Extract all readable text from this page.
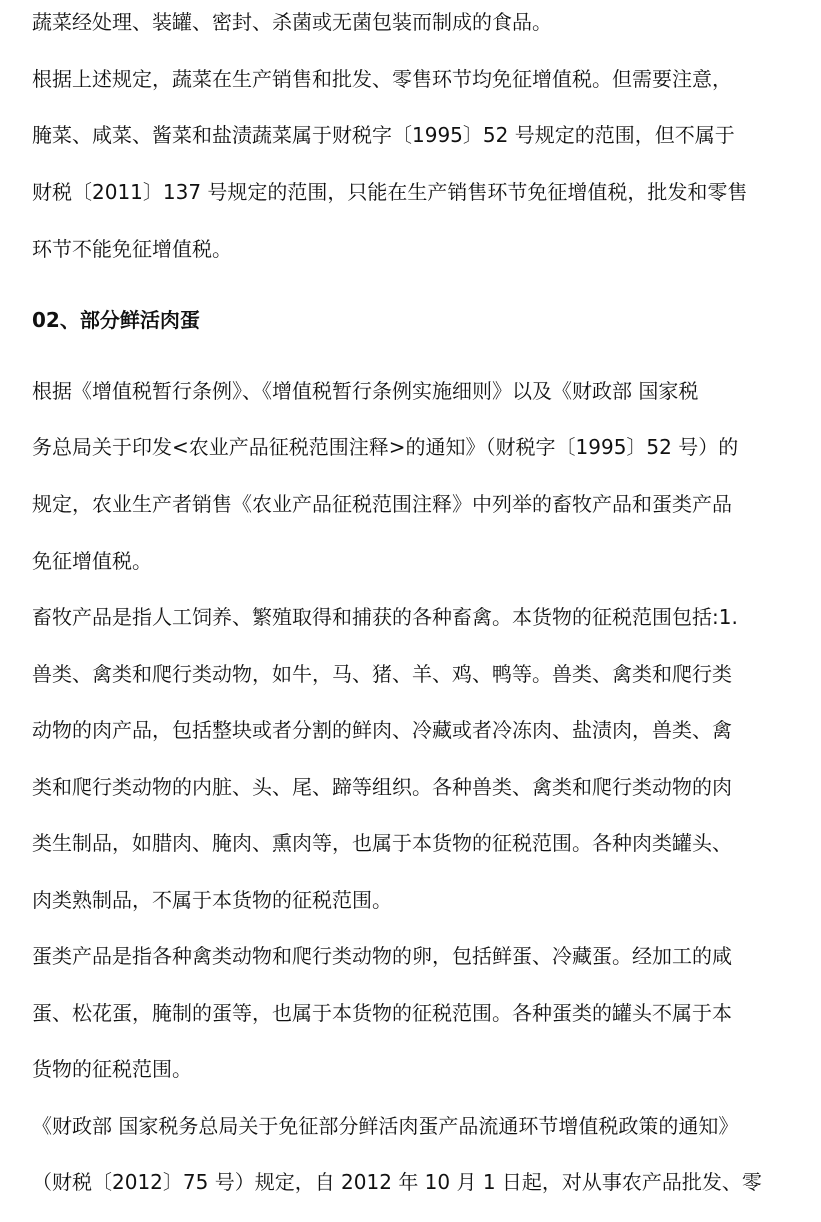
蔬菜经处理、装罐、密封、杀菌或无菌包装而制成的食品。
根据上述规定，蔬菜在生产销售和批发、零售环节均免征增值税。但需要注意，
腌菜、咸菜、酱菜和盐渍蔬菜属于财税字〔1995〕52 号规定的范围，但不属于
财税〔2011〕137 号规定的范围，只能在生产销售环节免征增值税，批发和零售
环节不能免征增值税。
02、部分鲜活肉蛋
根据《增值税暂行条例》、《增值税暂行条例实施细则》以及《财政部 国家税
务总局关于印发<农业产品征税范围注释>的通知》（财税字〔1995〕52 号）的
规定，农业生产者销售《农业产品征税范围注释》中列举的畜牧产品和蛋类产品
免征增值税。
畜牧产品是指人工饲养、繁殖取得和捕获的各种畜禽。本货物的征税范围包括:1.
兽类、禽类和爬行类动物，如牛，马、猪、羊、鸡、鸭等。兽类、禽类和爬行类
动物的肉产品，包括整块或者分割的鲜肉、冷藏或者冷冻肉、盐渍肉，兽类、禽
类和爬行类动物的内脏、头、尾、蹄等组织。各种兽类、禽类和爬行类动物的肉
类生制品，如腊肉、腌肉、熏肉等，也属于本货物的征税范围。各种肉类罐头、
肉类熟制品，不属于本货物的征税范围。
蛋类产品是指各种禽类动物和爬行类动物的卵，包括鲜蛋、冷藏蛋。经加工的咸
蛋、松花蛋，腌制的蛋等，也属于本货物的征税范围。各种蛋类的罐头不属于本
货物的征税范围。
《财政部 国家税务总局关于免征部分鲜活肉蛋产品流通环节增值税政策的通知》
（财税〔2012〕75 号）规定，自 2012 年 10 月 1 日起，对从事农产品批发、零
